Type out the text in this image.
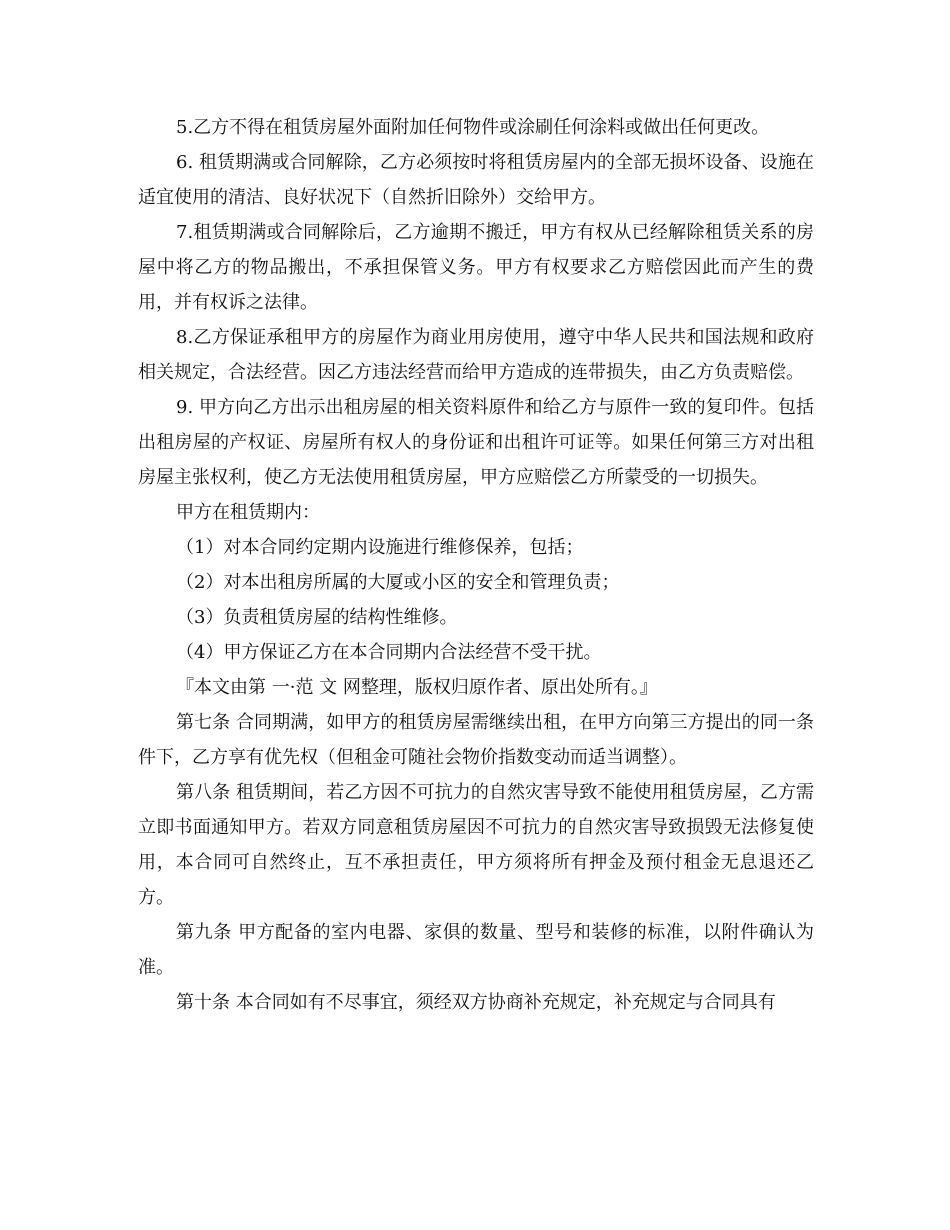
5.乙方不得在租赁房屋外面附加任何物件或涂刷任何涂料或做出任何更改。

6. 租赁期满或合同解除，乙方必须按时将租赁房屋内的全部无损坏设备、设施在适宜使用的清洁、良好状况下（自然折旧除外）交给甲方。

7.租赁期满或合同解除后，乙方逾期不搬迁，甲方有权从已经解除租赁关系的房屋中将乙方的物品搬出，不承担保管义务。甲方有权要求乙方赔偿因此而产生的费用，并有权诉之法律。

8.乙方保证承租甲方的房屋作为商业用房使用，遵守中华人民共和国法规和政府相关规定，合法经营。因乙方违法经营而给甲方造成的连带损失，由乙方负责赔偿。

9. 甲方向乙方出示出租房屋的相关资料原件和给乙方与原件一致的复印件。包括出租房屋的产权证、房屋所有权人的身份证和出租许可证等。如果任何第三方对出租房屋主张权利，使乙方无法使用租赁房屋，甲方应赔偿乙方所蒙受的一切损失。

甲方在租赁期内：

（1）对本合同约定期内设施进行维修保养，包括；

（2）对本出租房所属的大厦或小区的安全和管理负责；

（3）负责租赁房屋的结构性维修。

（4）甲方保证乙方在本合同期内合法经营不受干扰。

『本文由第 一·范 文 网整理，版权归原作者、原出处所有。』

第七条 合同期满，如甲方的租赁房屋需继续出租，在甲方向第三方提出的同一条件下，乙方享有优先权（但租金可随社会物价指数变动而适当调整）。

第八条 租赁期间，若乙方因不可抗力的自然灾害导致不能使用租赁房屋，乙方需立即书面通知甲方。若双方同意租赁房屋因不可抗力的自然灾害导致损毁无法修复使用，本合同可自然终止，互不承担责任，甲方须将所有押金及预付租金无息退还乙方。

第九条 甲方配备的室内电器、家俱的数量、型号和装修的标准，以附件确认为准。

第十条 本合同如有不尽事宜，须经双方协商补充规定，补充规定与合同具有
